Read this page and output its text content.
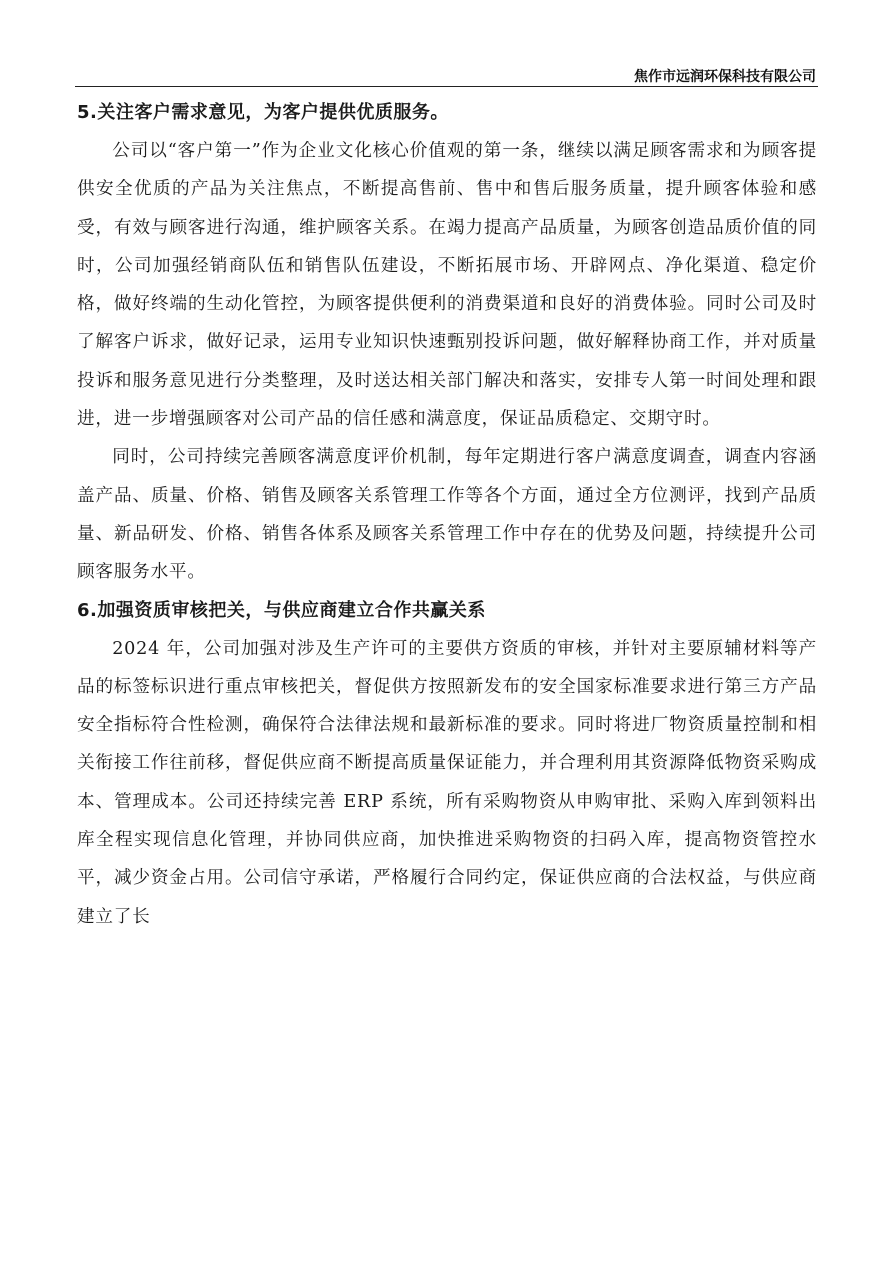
焦作市远润环保科技有限公司
5.关注客户需求意见，为客户提供优质服务。

公司以“客户第一”作为企业文化核心价值观的第一条，继续以满足顾客需求和为顾客提供安全优质的产品为关注焦点，不断提高售前、售中和售后服务质量，提升顾客体验和感受，有效与顾客进行沟通，维护顾客关系。在竭力提高产品质量，为顾客创造品质价值的同时，公司加强经销商队伍和销售队伍建设，不断拓展市场、开辟网点、净化渠道、稳定价格，做好终端的生动化管控，为顾客提供便利的消费渠道和良好的消费体验。同时公司及时了解客户诉求，做好记录，运用专业知识快速甄别投诉问题，做好解释协商工作，并对质量投诉和服务意见进行分类整理，及时送达相关部门解决和落实，安排专人第一时间处理和跟进，进一步增强顾客对公司产品的信任感和满意度，保证品质稳定、交期守时。

同时，公司持续完善顾客满意度评价机制，每年定期进行客户满意度调查，调查内容涵盖产品、质量、价格、销售及顾客关系管理工作等各个方面，通过全方位测评，找到产品质量、新品研发、价格、销售各体系及顾客关系管理工作中存在的优势及问题，持续提升公司顾客服务水平。

6.加强资质审核把关，与供应商建立合作共赢关系

2024 年，公司加强对涉及生产许可的主要供方资质的审核，并针对主要原辅材料等产品的标签标识进行重点审核把关，督促供方按照新发布的安全国家标准要求进行第三方产品安全指标符合性检测，确保符合法律法规和最新标准的要求。同时将进厂物资质量控制和相关衔接工作往前移，督促供应商不断提高质量保证能力，并合理利用其资源降低物资采购成本、管理成本。公司还持续完善 ERP 系统，所有采购物资从申购审批、采购入库到领料出库全程实现信息化管理，并协同供应商，加快推进采购物资的扫码入库，提高物资管控水平，减少资金占用。公司信守承诺，严格履行合同约定，保证供应商的合法权益，与供应商建立了长
